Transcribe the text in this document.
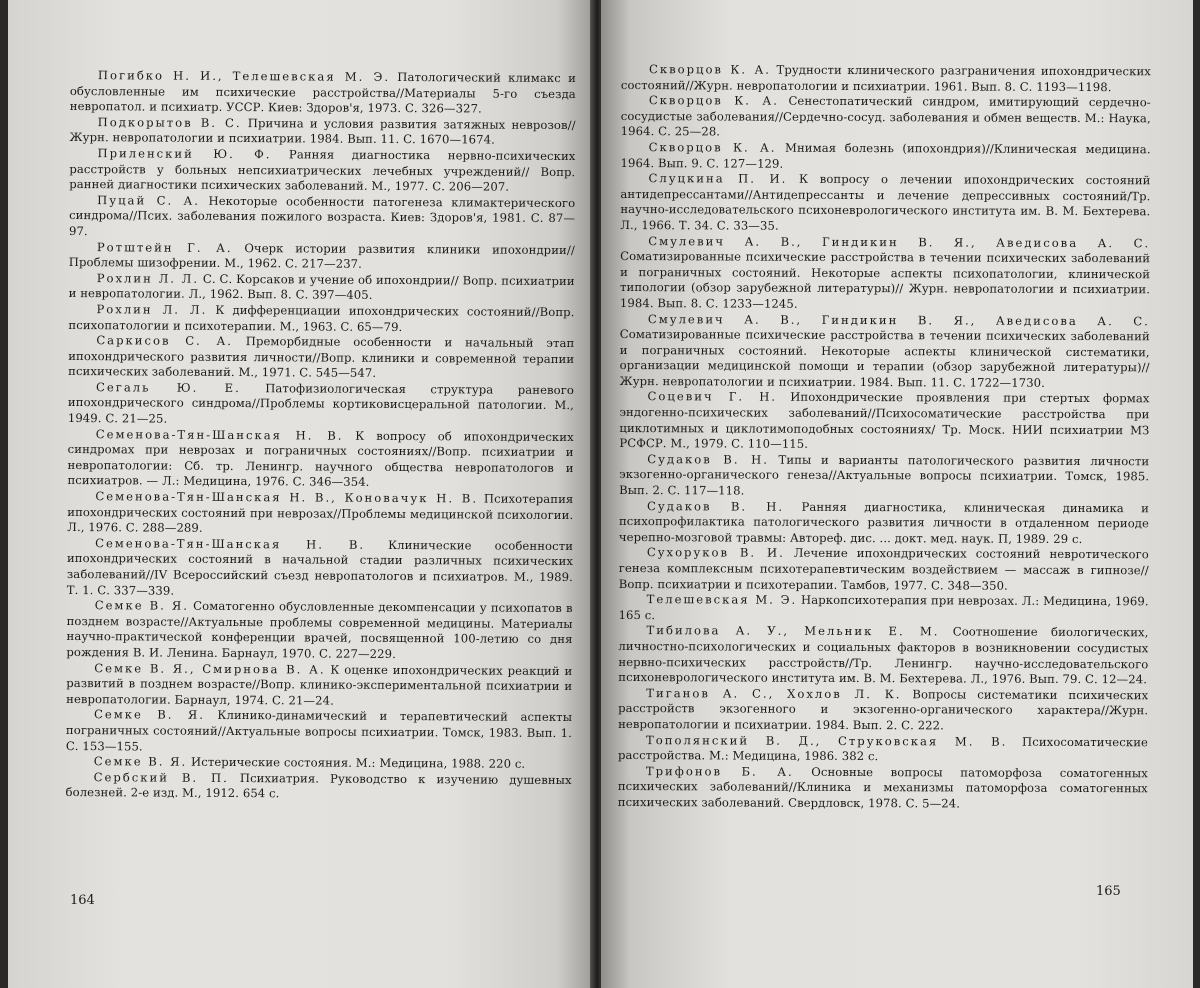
Погибко Н. И., Телешевская М. Э. Патологический климакс и обусловленные им психические расстройства//Материалы 5-го съезда невропатол. и психиатр. УССР. Киев: Здоров'я, 1973. С. 326—327.

Подкорытов В. С. Причина и условия развития затяжных неврозов//Журн. невропатологии и психиатрии. 1984. Вып. 11. С. 1670—1674.

Приленский Ю. Ф. Ранняя диагностика нервно-психических расстройств у больных непсихиатрических лечебных учреждений// Вопр. ранней диагностики психических заболеваний. М., 1977. С. 206—207.

Пуцай С. А. Некоторые особенности патогенеза климактерического синдрома//Псих. заболевания пожилого возраста. Киев: Здоров'я, 1981. С. 87—97.

Ротштейн Г. А. Очерк истории развития клиники ипохондрии//Проблемы шизофрении. М., 1962. С. 217—237.

Рохлин Л. Л. С. С. Корсаков и учение об ипохондрии// Вопр. психиатрии и невропатологии. Л., 1962. Вып. 8. С. 397—405.

Рохлин Л. Л. К дифференциации ипохондрических состояний//Вопр. психопатологии и психотерапии. М., 1963. С. 65—79.

Саркисов С. А. Преморбидные особенности и начальный этап ипохондрического развития личности//Вопр. клиники и современной терапии психических заболеваний. М., 1971. С. 545—547.

Сегаль Ю. Е. Патофизиологическая структура раневого ипохондрического синдрома//Проблемы кортиковисцеральной патологии. М., 1949. С. 21—25.

Семенова-Тян-Шанская Н. В. К вопросу об ипохондрических синдромах при неврозах и пограничных состояниях//Вопр. психиатрии и невропатологии: Сб. тр. Ленингр. научного общества невропатологов и психиатров. — Л.: Медицина, 1976. С. 346—354.

Семенова-Тян-Шанская Н. В., Коновачук Н. В. Психотерапия ипохондрических состояний при неврозах//Проблемы медицинской психологии. Л., 1976. С. 288—289.

Семенова-Тян-Шанская Н. В. Клинические особенности ипохондрических состояний в начальной стадии различных психических заболеваний//IV Всероссийский съезд невропатологов и психиатров. М., 1989. Т. 1. С. 337—339.

Семке В. Я. Соматогенно обусловленные декомпенсации у психопатов в позднем возрасте//Актуальные проблемы современной медицины. Материалы научно-практической конференции врачей, посвященной 100-летию со дня рождения В. И. Ленина. Барнаул, 1970. С. 227—229.

Семке В. Я., Смирнова В. А. К оценке ипохондрических реакций и развитий в позднем возрасте//Вопр. клинико-экспериментальной психиатрии и невропатологии. Барнаул, 1974. С. 21—24.

Семке В. Я. Клинико-динамический и терапевтический аспекты пограничных состояний//Актуальные вопросы психиатрии. Томск, 1983. Вып. 1. С. 153—155.

Семке В. Я. Истерические состояния. М.: Медицина, 1988. 220 с.

Сербский В. П. Психиатрия. Руководство к изучению душевных болезней. 2-е изд. М., 1912. 654 с.

164

Скворцов К. А. Трудности клинического разграничения ипохондрических состояний//Журн. невропатологии и психиатрии. 1961. Вып. 8. С. 1193—1198.

Скворцов К. А. Сенестопатический синдром, имитирующий сердечно-сосудистые заболевания//Сердечно-сосуд. заболевания и обмен веществ. М.: Наука, 1964. С. 25—28.

Скворцов К. А. Мнимая болезнь (ипохондрия)//Клиническая медицина. 1964. Вып. 9. С. 127—129.

Слуцкина П. И. К вопросу о лечении ипохондрических состояний антидепрессантами//Антидепрессанты и лечение депрессивных состояний/Тр. научно-исследовательского психоневрологического института им. В. М. Бехтерева. Л., 1966. Т. 34. С. 33—35.

Смулевич А. В., Гиндикин В. Я., Аведисова А. С. Соматизированные психические расстройства в течении психических заболеваний и пограничных состояний. Некоторые аспекты психопатологии, клинической типологии (обзор зарубежной литературы)// Журн. невропатологии и психиатрии. 1984. Вып. 8. С. 1233—1245.

Смулевич А. В., Гиндикин В. Я., Аведисова А. С. Соматизированные психические расстройства в течении психических заболеваний и пограничных состояний. Некоторые аспекты клинической систематики, организации медицинской помощи и терапии (обзор зарубежной литературы)//Журн. невропатологии и психиатрии. 1984. Вып. 11. С. 1722—1730.

Соцевич Г. Н. Ипохондрические проявления при стертых формах эндогенно-психических заболеваний//Психосоматические расстройства при циклотимных и циклотимоподобных состояниях/ Тр. Моск. НИИ психиатрии МЗ РСФСР. М., 1979. С. 110—115.

Судаков В. Н. Типы и варианты патологического развития личности экзогенно-органического генеза//Актуальные вопросы психиатрии. Томск, 1985. Вып. 2. С. 117—118.

Судаков В. Н. Ранняя диагностика, клиническая динамика и психопрофилактика патологического развития личности в отдаленном периоде черепно-мозговой травмы: Автореф. дис. ... докт. мед. наук. П, 1989. 29 с.

Сухоруков В. И. Лечение ипохондрических состояний невротического генеза комплексным психотерапевтическим воздействием — массаж в гипнозе//Вопр. психиатрии и психотерапии. Тамбов, 1977. С. 348—350.

Телешевская М. Э. Наркопсихотерапия при неврозах. Л.: Медицина, 1969. 165 с.

Тибилова А. У., Мельник Е. М. Соотношение биологических, личностно-психологических и социальных факторов в возникновении сосудистых нервно-психических расстройств//Тр. Ленингр. научно-исследовательского психоневрологического института им. В. М. Бехтерева. Л., 1976. Вып. 79. С. 12—24.

Тиганов А. С., Хохлов Л. К. Вопросы систематики психических расстройств экзогенного и экзогенно-органического характера//Журн. невропатологии и психиатрии. 1984. Вып. 2. С. 222.

Тополянский В. Д., Струковская М. В. Психосоматические расстройства. М.: Медицина, 1986. 382 с.

Трифонов Б. А. Основные вопросы патоморфоза соматогенных психических заболеваний//Клиника и механизмы патоморфоза соматогенных психических заболеваний. Свердловск, 1978. С. 5—24.

165
